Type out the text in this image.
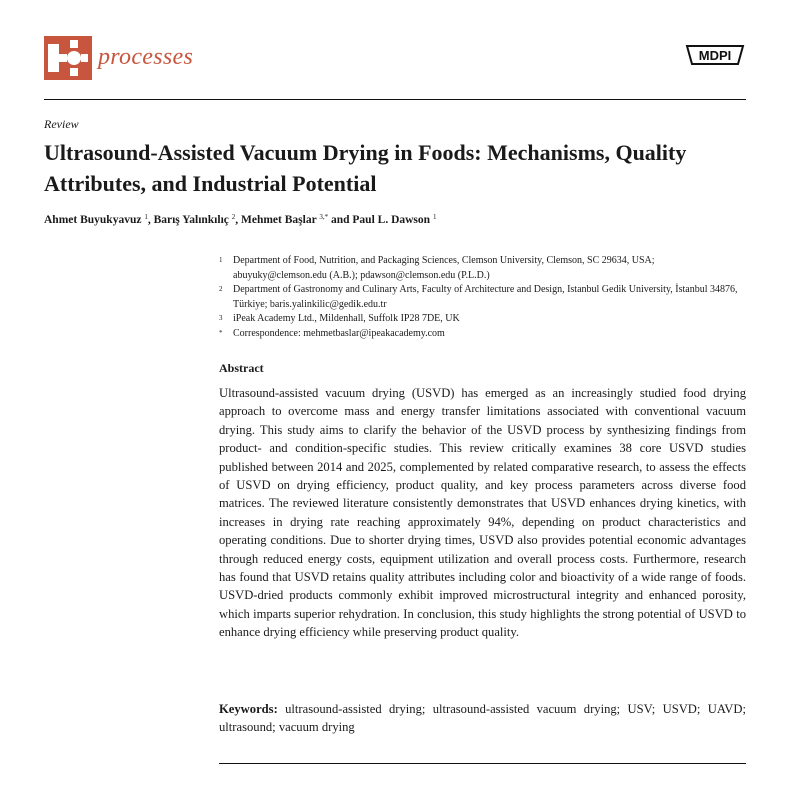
processes	MDPI
Review
Ultrasound-Assisted Vacuum Drying in Foods: Mechanisms, Quality Attributes, and Industrial Potential
Ahmet Buyukyavuz $^1$, Barış Yalınkılıç $^2$, Mehmet Başlar $^{3,*}$ and Paul L. Dawson $^1$
1 Department of Food, Nutrition, and Packaging Sciences, Clemson University, Clemson, SC 29634, USA; abuyuky@clemson.edu (A.B.); pdawson@clemson.edu (P.L.D.)
2 Department of Gastronomy and Culinary Arts, Faculty of Architecture and Design, Istanbul Gedik University, İstanbul 34876, Türkiye; baris.yalinkilic@gedik.edu.tr
3 iPeak Academy Ltd., Mildenhall, Suffolk IP28 7DE, UK
* Correspondence: mehmetbaslar@ipeakacademy.com
Abstract
Ultrasound-assisted vacuum drying (USVD) has emerged as an increasingly studied food drying approach to overcome mass and energy transfer limitations associated with conventional vacuum drying. This study aims to clarify the behavior of the USVD process by synthesizing findings from product- and condition-specific studies. This review critically examines 38 core USVD studies published between 2014 and 2025, complemented by related comparative research, to assess the effects of USVD on drying efficiency, product quality, and key process parameters across diverse food matrices. The reviewed literature consistently demonstrates that USVD enhances drying kinetics, with increases in drying rate reaching approximately 94%, depending on product characteristics and operating conditions. Due to shorter drying times, USVD also provides potential economic advantages through reduced energy costs, equipment utilization and overall process costs. Furthermore, research has found that USVD retains quality attributes including color and bioactivity of a wide range of foods. USVD-dried products commonly exhibit improved microstructural integrity and enhanced porosity, which imparts superior rehydration. In conclusion, this study highlights the strong potential of USVD to enhance drying efficiency while preserving product quality.
Keywords: ultrasound-assisted drying; ultrasound-assisted vacuum drying; USV; USVD; UAVD; ultrasound; vacuum drying
